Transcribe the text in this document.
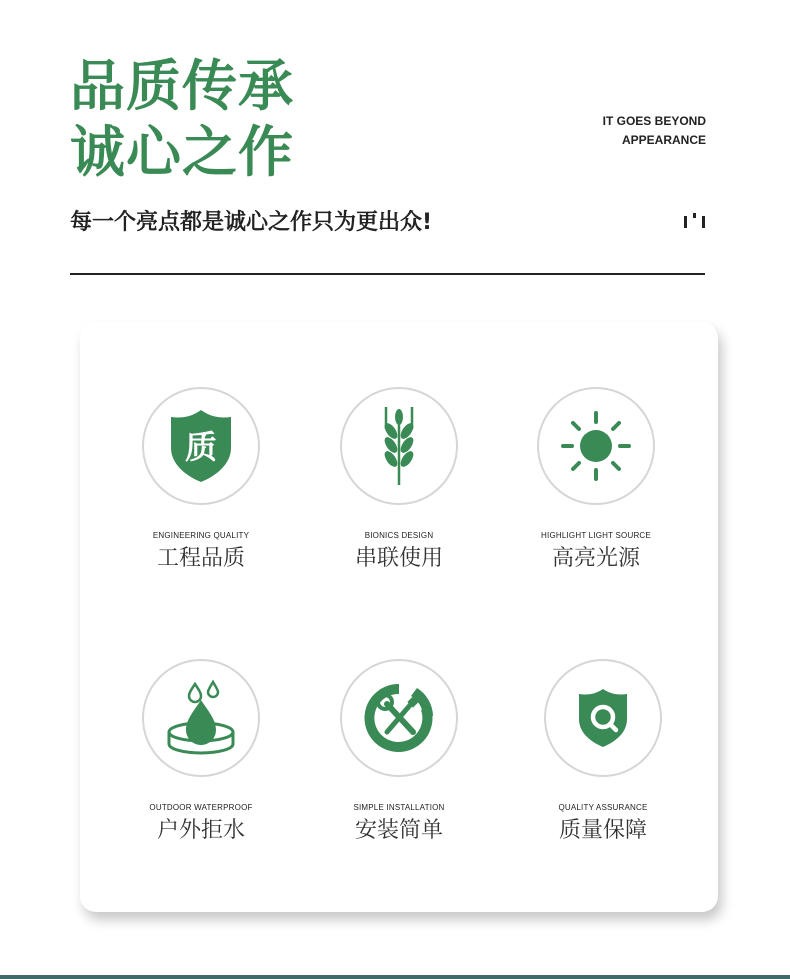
品质传承
诚心之作	IT GOES BEYOND
APPEARANCE
每一个亮点都是诚心之作只为更出众!
质
ENGINEERING QUALITY
工程品质
BIONICS DESIGN
串联使用
HIGHLIGHT LIGHT SOURCE
高亮光源
OUTDOOR WATERPROOF
户外拒水
SIMPLE INSTALLATION
安装简单
QUALITY ASSURANCE
质量保障
